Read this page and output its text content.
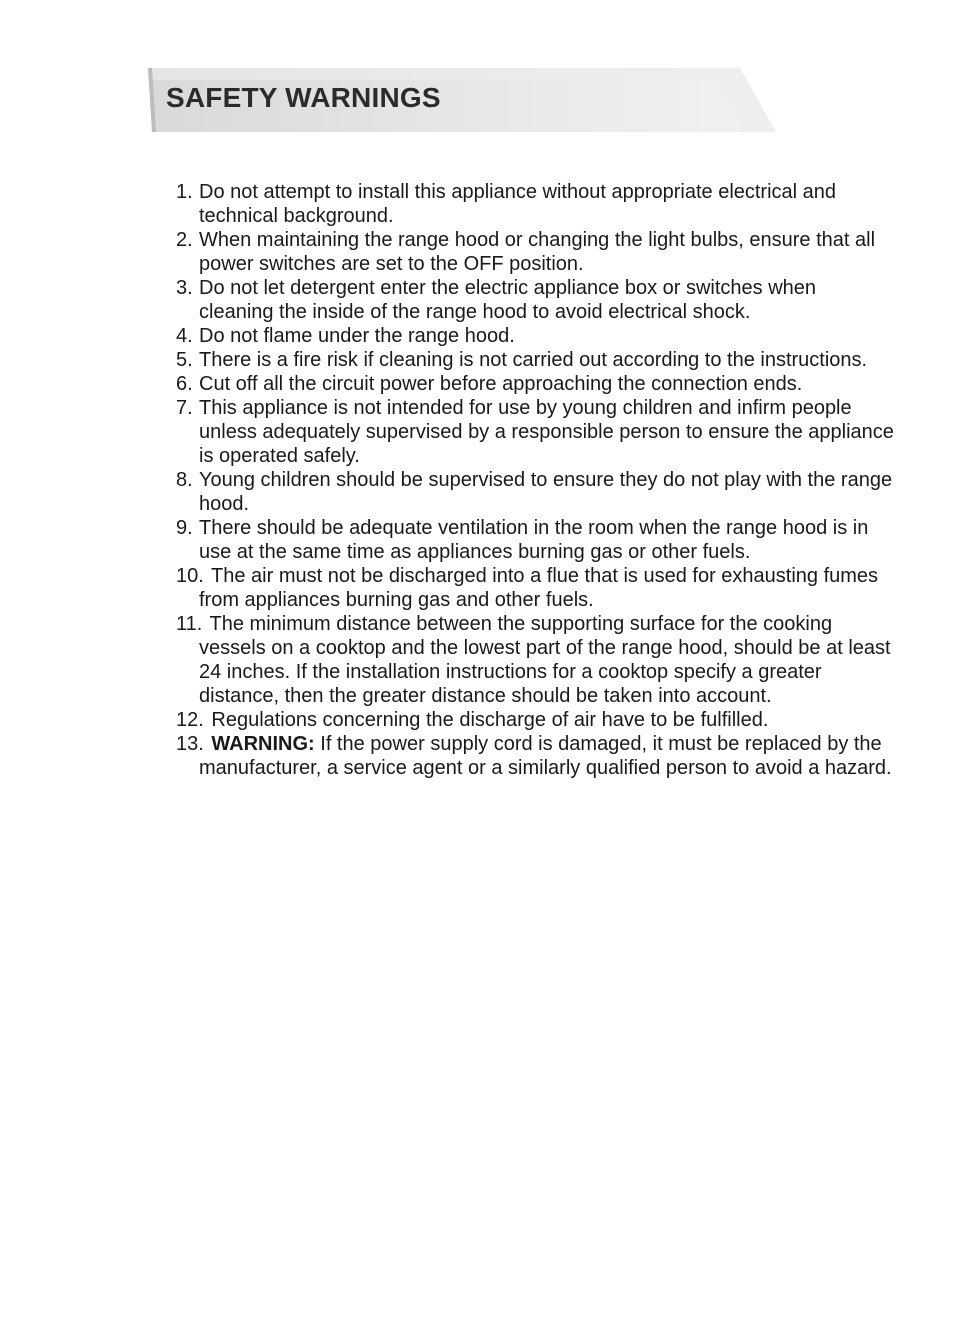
SAFETY WARNINGS
1. Do not attempt to install this appliance without appropriate electrical and technical background.
2. When maintaining the range hood or changing the light bulbs, ensure that all power switches are set to the OFF position.
3. Do not let detergent enter the electric appliance box or switches when cleaning the inside of the range hood to avoid electrical shock.
4. Do not flame under the range hood.
5. There is a fire risk if cleaning is not carried out according to the instructions.
6. Cut off all the circuit power before approaching the connection ends.
7. This appliance is not intended for use by young children and infirm people unless adequately supervised by a responsible person to ensure the appliance is operated safely.
8. Young children should be supervised to ensure they do not play with the range hood.
9. There should be adequate ventilation in the room when the range hood is in use at the same time as appliances burning gas or other fuels.
10. The air must not be discharged into a flue that is used for exhausting fumes from appliances burning gas and other fuels.
11. The minimum distance between the supporting surface for the cooking vessels on a cooktop and the lowest part of the range hood, should be at least 24 inches. If the installation instructions for a cooktop specify a greater distance, then the greater distance should be taken into account.
12. Regulations concerning the discharge of air have to be fulfilled.
13. WARNING: If the power supply cord is damaged, it must be replaced by the manufacturer, a service agent or a similarly qualified person to avoid a hazard.
